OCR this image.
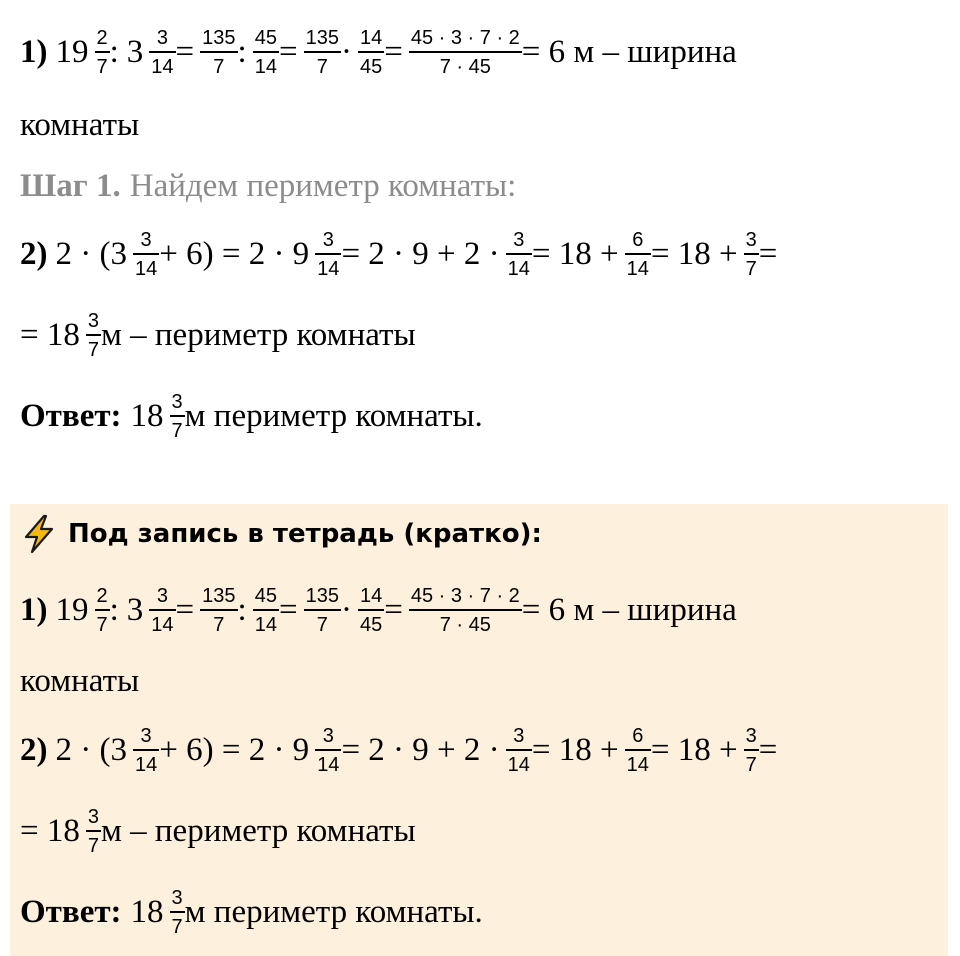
1) $19 \frac{2}{7}$ : $3 \frac{3}{14} = \frac{135}{7}$ : $\frac{45}{14} = \frac{135}{7} \cdot \frac{14}{45} = \frac{45 \cdot 3 \cdot 7 \cdot 2}{7 \cdot 45} = 6$ м – ширина
комнаты
Шаг 1. Найдем периметр комнаты:
2) $2 \cdot (3 \frac{3}{14} + 6) = 2 \cdot 9 \frac{3}{14} = 2 \cdot 9 + 2 \cdot \frac{3}{14} = 18 + \frac{6}{14} = 18 + \frac{3}{7}$ =
= $18 \frac{3}{7}$ м – периметр комнаты
Ответ: $18 \frac{3}{7}$ м периметр комнаты.
Под запись в тетрадь (кратко):
1) $19 \frac{2}{7}$ : $3 \frac{3}{14} = \frac{135}{7}$ : $\frac{45}{14} = \frac{135}{7} \cdot \frac{14}{45} = \frac{45 \cdot 3 \cdot 7 \cdot 2}{7 \cdot 45} = 6$ м – ширина
комнаты
2) $2 \cdot (3 \frac{3}{14} + 6) = 2 \cdot 9 \frac{3}{14} = 2 \cdot 9 + 2 \cdot \frac{3}{14} = 18 + \frac{6}{14} = 18 + \frac{3}{7}$ =
= $18 \frac{3}{7}$ м – периметр комнаты
Ответ: $18 \frac{3}{7}$ м периметр комнаты.
